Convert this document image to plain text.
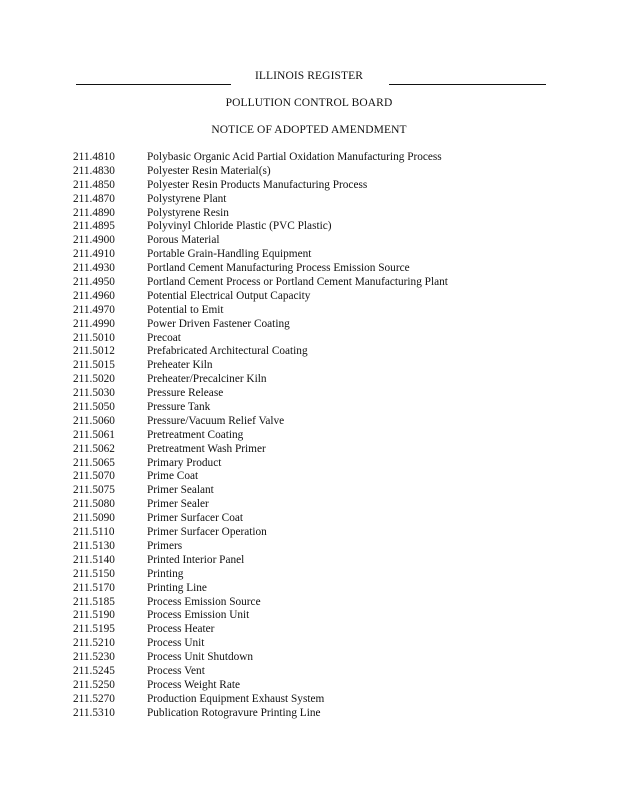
ILLINOIS REGISTER
POLLUTION CONTROL BOARD
NOTICE OF ADOPTED AMENDMENT
211.4810	Polybasic Organic Acid Partial Oxidation Manufacturing Process
211.4830	Polyester Resin Material(s)
211.4850	Polyester Resin Products Manufacturing Process
211.4870	Polystyrene Plant
211.4890	Polystyrene Resin
211.4895	Polyvinyl Chloride Plastic (PVC Plastic)
211.4900	Porous Material
211.4910	Portable Grain-Handling Equipment
211.4930	Portland Cement Manufacturing Process Emission Source
211.4950	Portland Cement Process or Portland Cement Manufacturing Plant
211.4960	Potential Electrical Output Capacity
211.4970	Potential to Emit
211.4990	Power Driven Fastener Coating
211.5010	Precoat
211.5012	Prefabricated Architectural Coating
211.5015	Preheater Kiln
211.5020	Preheater/Precalciner Kiln
211.5030	Pressure Release
211.5050	Pressure Tank
211.5060	Pressure/Vacuum Relief Valve
211.5061	Pretreatment Coating
211.5062	Pretreatment Wash Primer
211.5065	Primary Product
211.5070	Prime Coat
211.5075	Primer Sealant
211.5080	Primer Sealer
211.5090	Primer Surfacer Coat
211.5110	Primer Surfacer Operation
211.5130	Primers
211.5140	Printed Interior Panel
211.5150	Printing
211.5170	Printing Line
211.5185	Process Emission Source
211.5190	Process Emission Unit
211.5195	Process Heater
211.5210	Process Unit
211.5230	Process Unit Shutdown
211.5245	Process Vent
211.5250	Process Weight Rate
211.5270	Production Equipment Exhaust System
211.5310	Publication Rotogravure Printing Line
